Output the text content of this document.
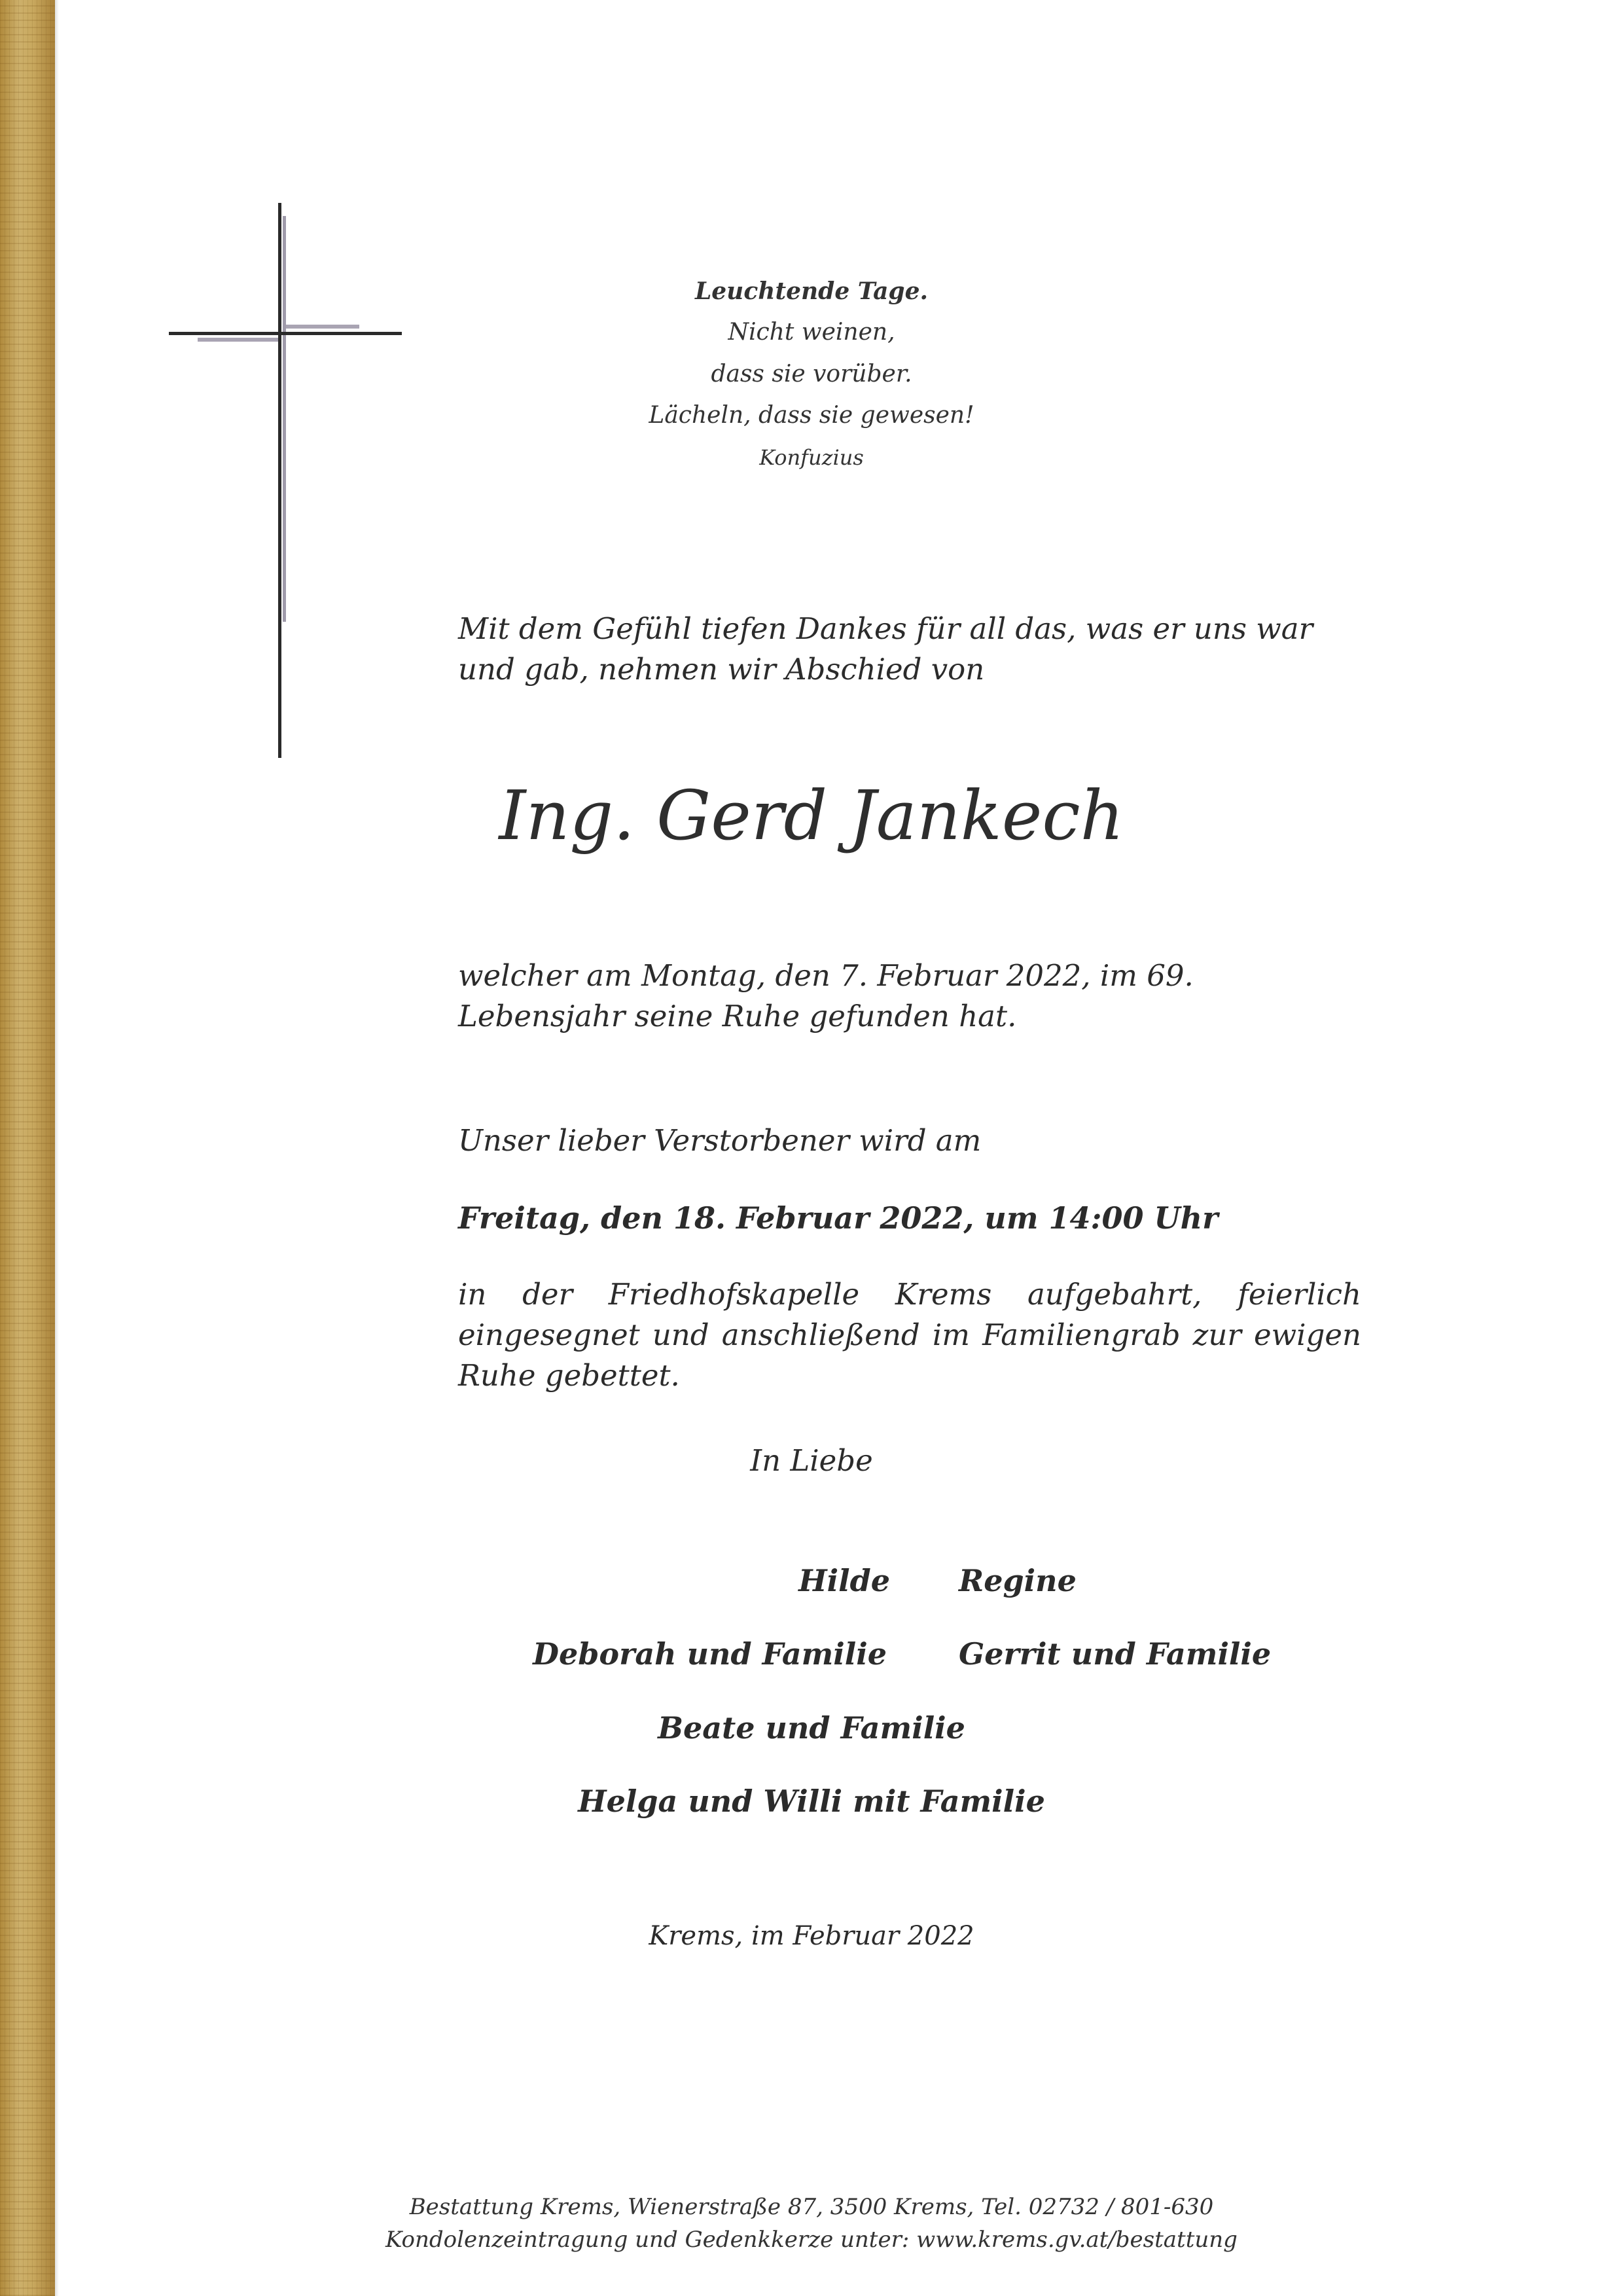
Leuchtende Tage.
Nicht weinen,
dass sie vorüber.
Lächeln, dass sie gewesen!
Konfuzius

Mit dem Gefühl tiefen Dankes für all das, was er uns war und gab, nehmen wir Abschied von

Ing. Gerd Jankech

welcher am Montag, den 7. Februar 2022, im 69. Lebensjahr seine Ruhe gefunden hat.

Unser lieber Verstorbener wird am

Freitag, den 18. Februar 2022, um 14:00 Uhr

in der Friedhofskapelle Krems aufgebahrt, feierlich eingesegnet und anschließend im Familiengrab zur ewigen Ruhe gebettet.

In Liebe
Hilde Regine
Deborah und Familie Gerrit und Familie
Beate und Familie
Helga und Willi mit Familie
Krems, im Februar 2022
Bestattung Krems, Wienerstraße 87, 3500 Krems, Tel. 02732 / 801-630
Kondolenzeintragung und Gedenkkerze unter: www.krems.gv.at/bestattung
